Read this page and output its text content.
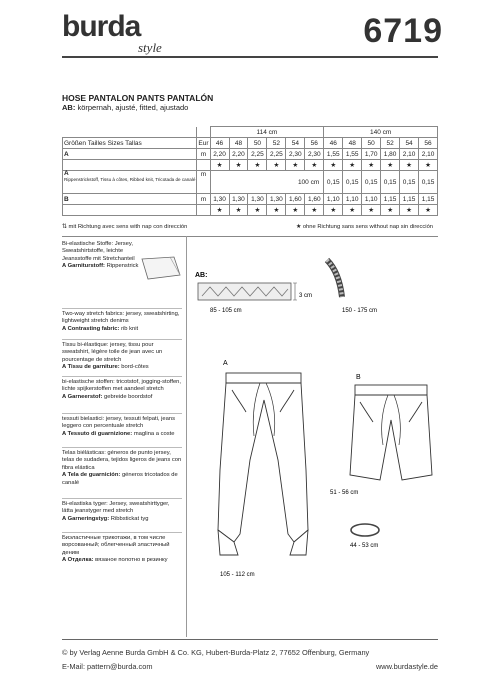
burda
style	6719
HOSE PANTALON PANTS PANTALÓN
AB: körpernah, ajusté, fitted, ajustado
		114 cm						140 cm					
Größen Tailles Sizes Tallas	Eur	46	48	50	52	54	56	46	48	50	52	54	56
A	m	2,20	2,20	2,25	2,25	2,30	2,30	1,55	1,55	1,70	1,80	2,10	2,10
		★	★	★	★	★	★	★	★	★	★	★	★
A
Rippenstrickstoff, Tissu à côtes, Ribbed knit, Tricotada de canalé	m	100 cm						0,15	0,15	0,15	0,15	0,15	0,15
B	m	1,30	1,30	1,30	1,30	1,60	1,60	1,10	1,10	1,10	1,15	1,15	1,15
		★	★	★	★	★	★	★	★	★	★	★	★
⇅ mit Richtung avec sens with nap con dirección	★ ohne Richtung sans sens without nap sin dirección
Bi-elastische Stoffe: Jersey, Sweatshirtstoffe, leichte Jeansstoffe mit Stretchanteil
A Garniturstoff: Rippenstrick
Two-way stretch fabrics: jersey, sweatshirting, lightweight stretch denims
A Contrasting fabric: rib knit
Tissu bi-élastique: jersey, tissu pour sweatshirt, légère toile de jean avec un pourcentage de stretch
A Tissu de garniture: bord-côtes
bi-elastische stoffen: tricotstof, jogging-stoffen, lichte spijkerstoffen met aandeel stretch
A Garneerstof: gebreide boordstof
tessuti bielastici: jersey, tessuti felpati, jeans leggero con percentuale stretch
A Tessuto di guarnizione: maglina a coste
Telas biélásticas: géneros de punto jersey, telas de sudadera, tejidos ligeros de jeans con fibra elástica
A Tela de guarnición: géneros tricotados de canalé
Bi-elastiska tyger: Jersey, sweatshirttyger, lätta jeanstyger med stretch
A Garneringstyg: Ribbstickat tyg
Биэластичные трикотажи, в том числе ворсованный; облегченный эластичный деним
A Отделка: вязаное полотно в резинку
AB:
3 cm
85 - 105 cm	150 - 175 cm
A
105 - 112 cm
B
51 - 56 cm
44 - 53 cm
© by Verlag Aenne Burda GmbH & Co. KG, Hubert-Burda-Platz 2, 77652 Offenburg, Germany
E-Mail: pattern@burda.com	www.burdastyle.de
